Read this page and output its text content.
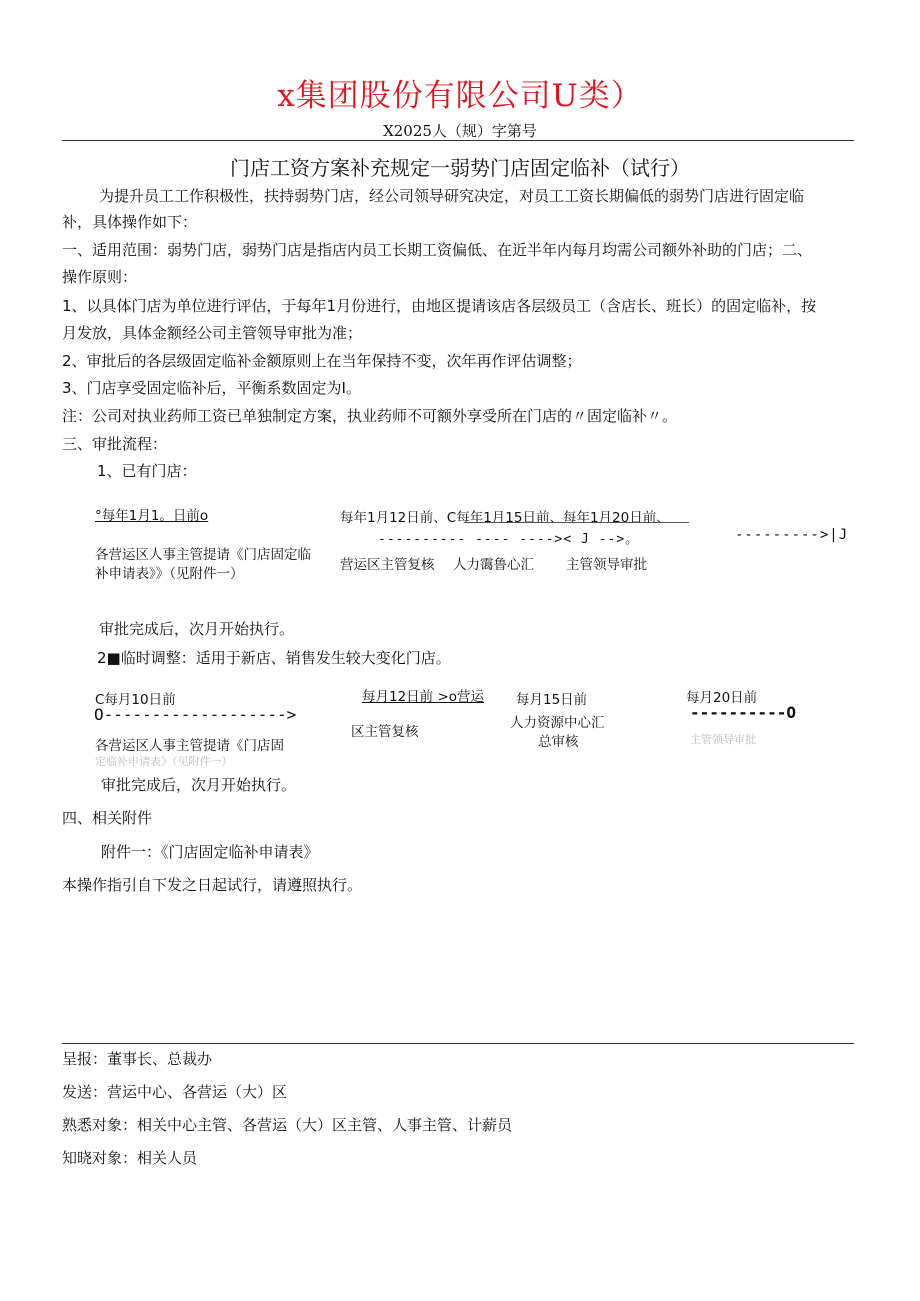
x集团股份有限公司U类）
X2025人（规）字第号
门店工资方案补充规定一弱势门店固定临补（试行）
为提升员工工作积极性，扶持弱势门店，经公司领导研究决定，对员工工资长期偏低的弱势门店进行固定临
补，具体操作如下：
一、适用范围：弱势门店，弱势门店是指店内员工长期工资偏低、在近半年内每月均需公司额外补助的门店；二、
操作原则：
1、以具体门店为单位进行评估，于每年1月份进行，由地区提请该店各层级员工（含店长、班长）的固定临补，按
月发放，具体金额经公司主管领导审批为准；
2、审批后的各层级固定临补金额原则上在当年保持不变，次年再作评估调整；
3、门店享受固定临补后，平衡系数固定为I。
注：公司对执业药师工资已单独制定方案，执业药师不可额外享受所在门店的〃固定临补〃。
三、审批流程：
1、已有门店：
°每年1月1。日前o	每年1月12日前、C每年1月15日前、每年1月20日前、
---------- ---- ---->< J -->。	--------->|J
各营运区人事主管提请《门店固定临
补申请表》》（见附件一）
营运区主管复核 人力霭鲁心汇 主管领导审批
审批完成后，次月开始执行。
2■临时调整：适用于新店、销售发生较大变化门店。
C每月10日前
O------------------->
各营运区人事主管提请《门店固
定临补申请表》（见附件一）
每月12日前 >o营运
区主管复核
每月15日前
人力资源中心汇
总审核
每月20日前
----------O
主管领导审批
审批完成后，次月开始执行。
四、相关附件
附件一：《门店固定临补申请表》
本操作指引自下发之日起试行，请遵照执行。
呈报：董事长、总裁办
发送：营运中心、各营运（大）区
熟悉对象：相关中心主管、各营运（大）区主管、人事主管、计薪员
知晓对象：相关人员
